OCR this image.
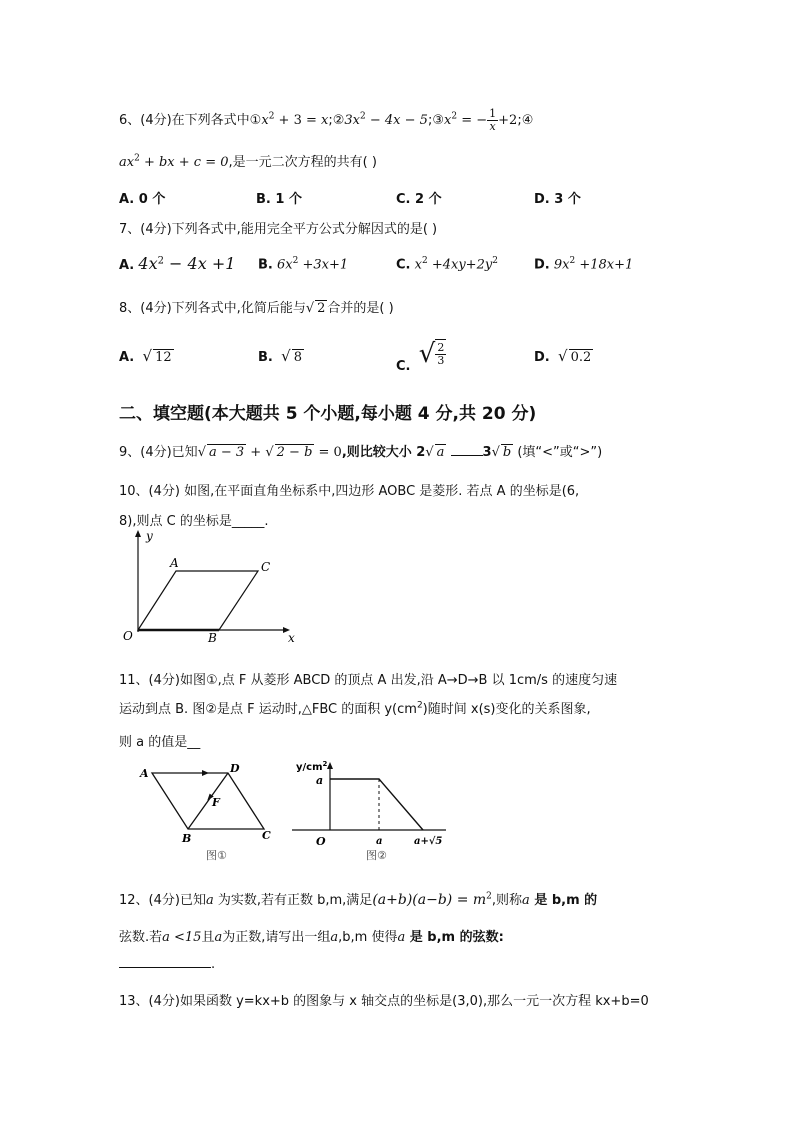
6、(4分)在下列各式中$①x^2 + 3$ = $x;②3x^2 - 4x$ − $5;③x^2$ = − $\frac{1}{x}$ +2;④
$ax^2$ + bx + c = 0,是一元二次方程的共有( )
A. 0 个	B. 1 个	C. 2 个	D. 3 个
7、(4分)下列各式中,能用完全平方公式分解因式的是( )
A. $4x^2 - 4x +1$ B. $6x^2 +3x+1$	C. $x^2 +4xy+2y^2$	D. $9x^2 +18x+1$
8、(4分)下列各式中,化简后能与√ 2 合并的是( )
A. √ 12	B. √ 8
C. √ $\frac{2}{3}$	D. √ 0.2
二、填空题(本大题共 5 个小题,每小题 4 分,共 20 分)
9、(4分)已知√ a − 3 + √ 2 − b = 0,则比较大小 2√ a	3√ b (填“<”或“>”)
10、(4分) 如图,在平面直角坐标系中,四边形 AOBC 是菱形. 若点 A 的坐标是(6,
8),则点 C 的坐标是_____.
y
x
O
A	C
B
11、(4分)如图①,点 F 从菱形 ABCD 的顶点 A 出发,沿 A→D→B 以 1cm/s 的速度匀速
运动到点 B. 图②是点 F 运动时,△FBC 的面积 $y(cm^2)$随时间 x(s)变化的关系图象,
则 a 的值是__
A	D
B	C
F
图①
$y/cm^2$
a
O	a	a+√5
图②
12、(4分)已知a 为实数,若有正数 b,m,满足$(a+b)(a-b) = m^2$,则称a 是 b,m 的
弦数.若a <15且a为正数,请写出一组a,b,m 使得a 是 b,m 的弦数:
.
13、(4分)如果函数 y=kx+b 的图象与 x 轴交点的坐标是(3,0),那么一元一次方程 kx+b=0
